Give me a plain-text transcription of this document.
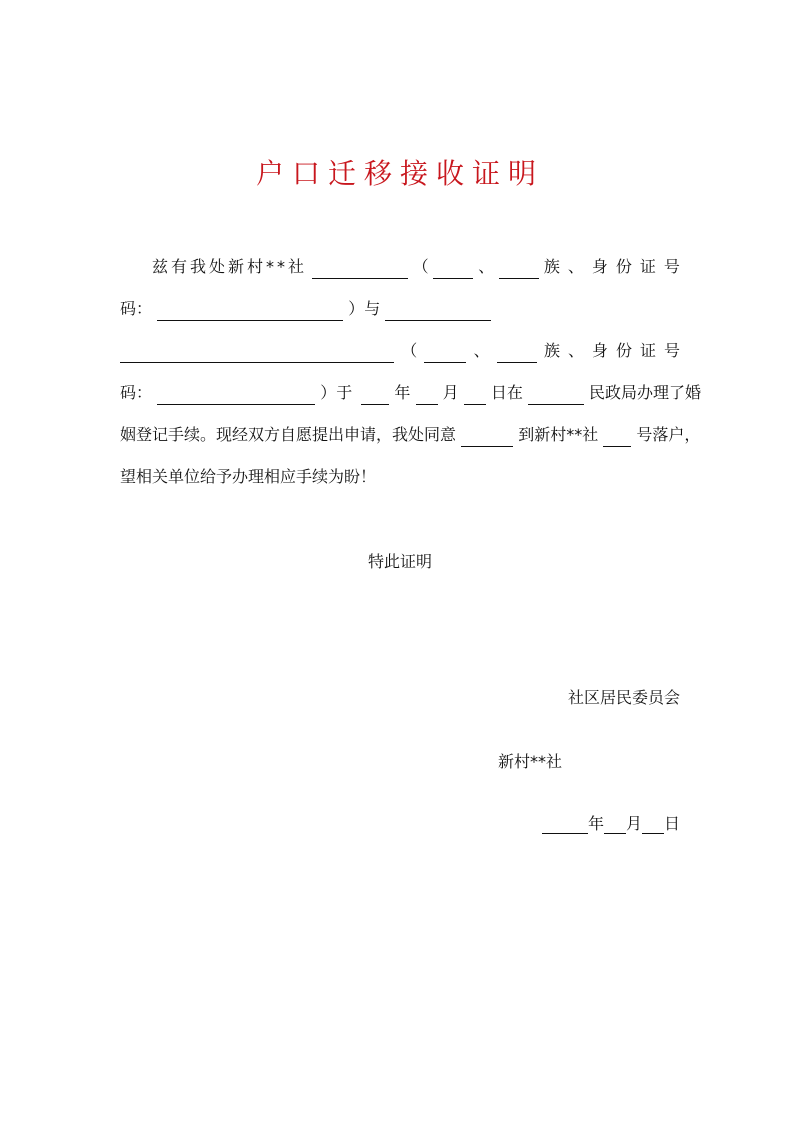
户口迁移接收证明
兹有我处新村**社	（	、	族、身份证号
码：	）与
（	、	族、身份证号
码：	）于	年 月 日在	民政局办理了婚
姻登记手续。现经双方自愿提出申请，我处同意	到新村**社 号落户，
望相关单位给予办理相应手续为盼！
特此证明
社区居民委员会
新村**社
年 月 日
